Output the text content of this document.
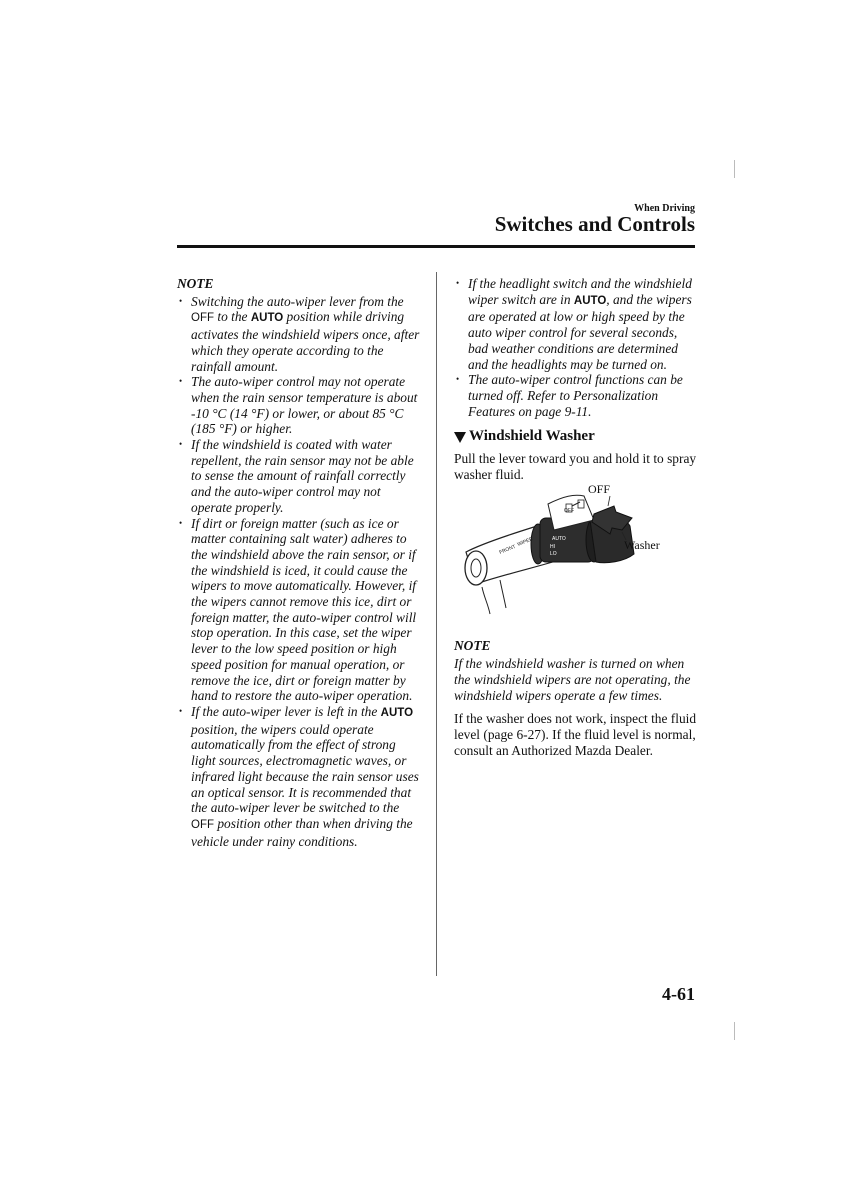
When Driving
Switches and Controls
NOTE
• Switching the auto-wiper lever from the OFF to the AUTO position while driving activates the windshield wipers once, after which they operate according to the rainfall amount.
• The auto-wiper control may not operate when the rain sensor temperature is about -10 °C (14 °F) or lower, or about 85 °C (185 °F) or higher.
• If the windshield is coated with water repellent, the rain sensor may not be able to sense the amount of rainfall correctly and the auto-wiper control may not operate properly.
• If dirt or foreign matter (such as ice or matter containing salt water) adheres to the windshield above the rain sensor, or if the windshield is iced, it could cause the wipers to move automatically. However, if the wipers cannot remove this ice, dirt or foreign matter, the auto-wiper control will stop operation. In this case, set the wiper lever to the low speed position or high speed position for manual operation, or remove the ice, dirt or foreign matter by hand to restore the auto-wiper operation.
• If the auto-wiper lever is left in the AUTO position, the wipers could operate automatically from the effect of strong light sources, electromagnetic waves, or infrared light because the rain sensor uses an optical sensor. It is recommended that the auto-wiper lever be switched to the OFF position other than when driving the vehicle under rainy conditions.
• If the headlight switch and the windshield wiper switch are in AUTO, and the wipers are operated at low or high speed by the auto wiper control for several seconds, bad weather conditions are determined and the headlights may be turned on.
• The auto-wiper control functions can be turned off. Refer to Personalization Features on page 9-11.
Windshield Washer

Pull the lever toward you and hold it to spray washer fluid.

FRONT
WIPER	AUTO
HI
LO
OFF
OFF
Washer
NOTE

If the windshield washer is turned on when the windshield wipers are not operating, the windshield wipers operate a few times.

If the washer does not work, inspect the fluid level (page 6-27). If the fluid level is normal, consult an Authorized Mazda Dealer.

4-61
